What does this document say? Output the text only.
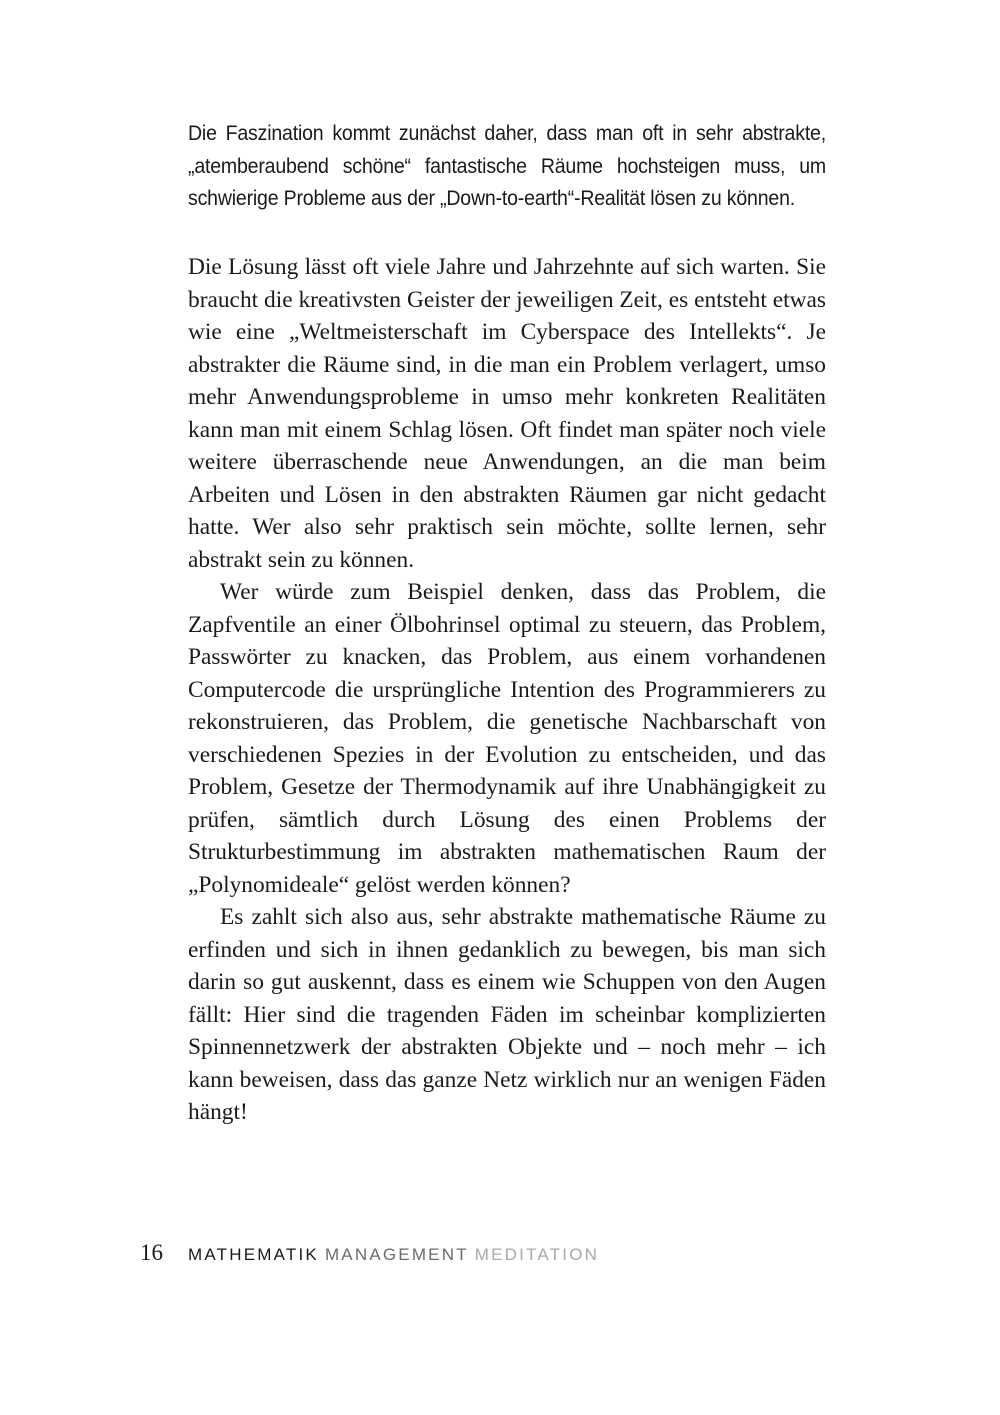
Die Faszination kommt zunächst daher, dass man oft in sehr abstrakte, „atemberaubend schöne“ fantastische Räume hochsteigen muss, um schwierige Probleme aus der „Down-to-earth“-Realität lösen zu können.

Die Lösung lässt oft viele Jahre und Jahrzehnte auf sich warten. Sie braucht die kreativsten Geister der jeweiligen Zeit, es entsteht etwas wie eine „Weltmeisterschaft im Cyberspace des Intellekts“. Je abstrakter die Räume sind, in die man ein Problem verlagert, umso mehr Anwendungsprobleme in umso mehr konkreten Realitäten kann man mit einem Schlag lösen. Oft findet man später noch viele weitere überraschende neue Anwendungen, an die man beim Arbeiten und Lösen in den abstrakten Räumen gar nicht gedacht hatte. Wer also sehr praktisch sein möchte, sollte lernen, sehr abstrakt sein zu können.

Wer würde zum Beispiel denken, dass das Problem, die Zapfventile an einer Ölbohrinsel optimal zu steuern, das Problem, Passwörter zu knacken, das Problem, aus einem vorhandenen Computercode die ursprüngliche Intention des Programmierers zu rekonstruieren, das Problem, die genetische Nachbarschaft von verschiedenen Spezies in der Evolution zu entscheiden, und das Problem, Gesetze der Thermodynamik auf ihre Unabhängigkeit zu prüfen, sämtlich durch Lösung des einen Problems der Strukturbestimmung im abstrakten mathematischen Raum der „Polynomideale“ gelöst werden können?

Es zahlt sich also aus, sehr abstrakte mathematische Räume zu erfinden und sich in ihnen gedanklich zu bewegen, bis man sich darin so gut auskennt, dass es einem wie Schuppen von den Augen fällt: Hier sind die tragenden Fäden im scheinbar komplizierten Spinnennetzwerk der abstrakten Objekte und – noch mehr – ich kann beweisen, dass das ganze Netz wirklich nur an wenigen Fäden hängt!

16 MATHEMATIK MANAGEMENT MEDITATION
